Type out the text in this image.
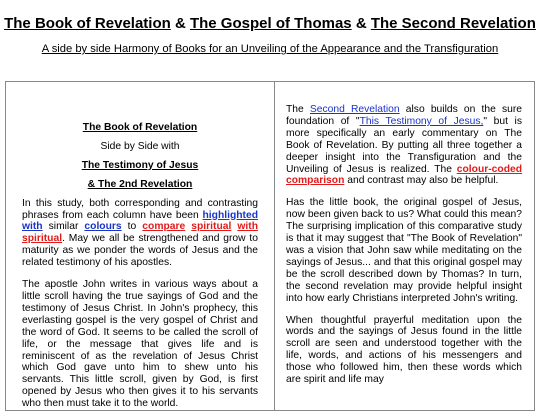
The Book of Revelation & The Gospel of Thomas & The Second Revelation
A side by side Harmony of Books for an Unveiling of the Appearance and the Transfiguration
The Book of Revelation
Side by Side with
The Testimony of Jesus
& The 2nd Revelation

In this study, both corresponding and contrasting phrases from each column have been highlighted with similar colours to compare spiritual with spiritual. May we all be strengthened and grow to maturity as we ponder the words of Jesus and the related testimony of his apostles.

The apostle John writes in various ways about a little scroll having the true sayings of God and the testimony of Jesus Christ. In John's prophecy, this everlasting gospel is the very gospel of Christ and the word of God. It seems to be called the scroll of life, or the message that gives life and is reminiscent of as the revelation of Jesus Christ which God gave unto him to shew unto his servants. This little scroll, given by God, is first opened by Jesus who then gives it to his servants who then must take it to the world.

The Second Revelation also builds on the sure foundation of "This Testimony of Jesus," but is more specifically an early commentary on The Book of Revelation. By putting all three together a deeper insight into the Transfiguration and the Unveiling of Jesus is realized. The colour-coded comparison and contrast may also be helpful.

Has the little book, the original gospel of Jesus, now been given back to us? What could this mean? The surprising implication of this comparative study is that it may suggest that "The Book of Revelation" was a vision that John saw while meditating on the sayings of Jesus... and that this original gospel may be the scroll described down by Thomas? In turn, the second revelation may provide helpful insight into how early Christians interpreted John's writing.

When thoughtful prayerful meditation upon the words and the sayings of Jesus found in the little scroll are seen and understood together with the life, words, and actions of his messengers and those who followed him, then these words which are spirit and life may
